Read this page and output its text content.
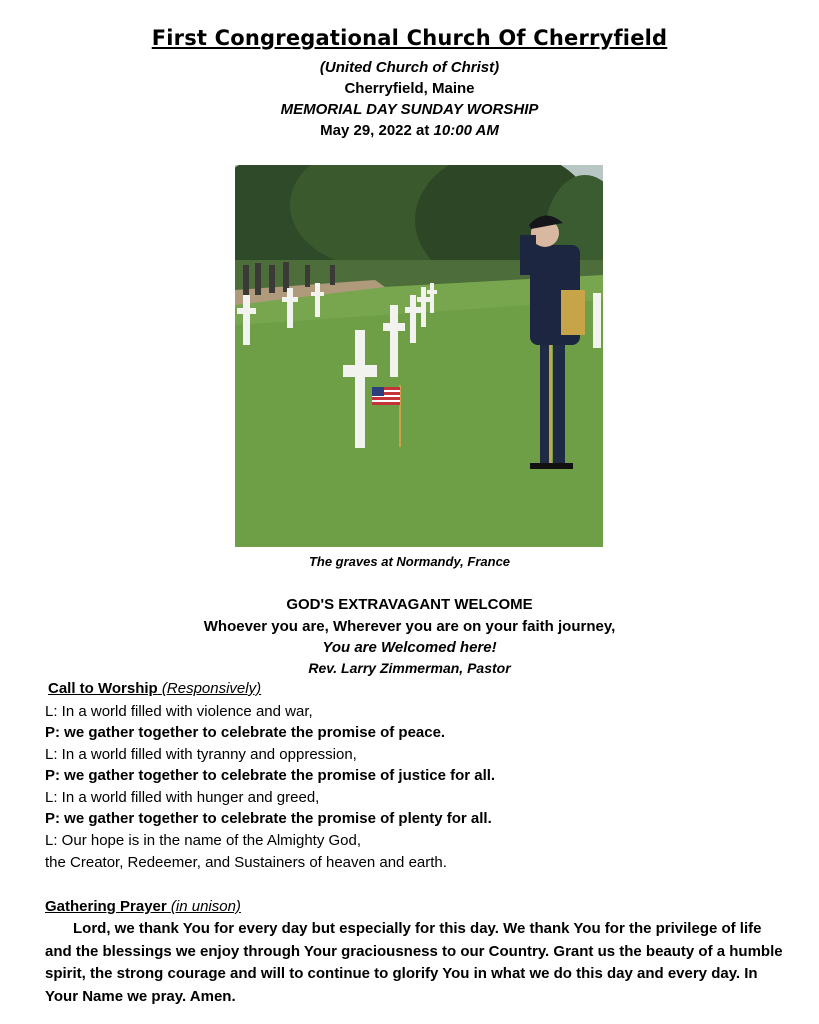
First Congregational Church Of Cherryfield
(United Church of Christ)
Cherryfield, Maine
MEMORIAL DAY SUNDAY WORSHIP
May 29, 2022 at 10:00 AM
The graves at Normandy, France
GOD'S EXTRAVAGANT WELCOME
Whoever you are, Wherever you are on your faith journey,
You are Welcomed here!
Rev. Larry Zimmerman, Pastor
Call to Worship (Responsively)
L: In a world filled with violence and war,
P: we gather together to celebrate the promise of peace.
L: In a world filled with tyranny and oppression,
P: we gather together to celebrate the promise of justice for all.
L: In a world filled with hunger and greed,
P: we gather together to celebrate the promise of plenty for all.
L: Our hope is in the name of the Almighty God,
the Creator, Redeemer, and Sustainers of heaven and earth.
Gathering Prayer (in unison)

Lord, we thank You for every day but especially for this day. We thank You for the privilege of life and the blessings we enjoy through Your graciousness to our Country. Grant us the beauty of a humble spirit, the strong courage and will to continue to glorify You in what we do this day and every day. In Your Name we pray. Amen.
